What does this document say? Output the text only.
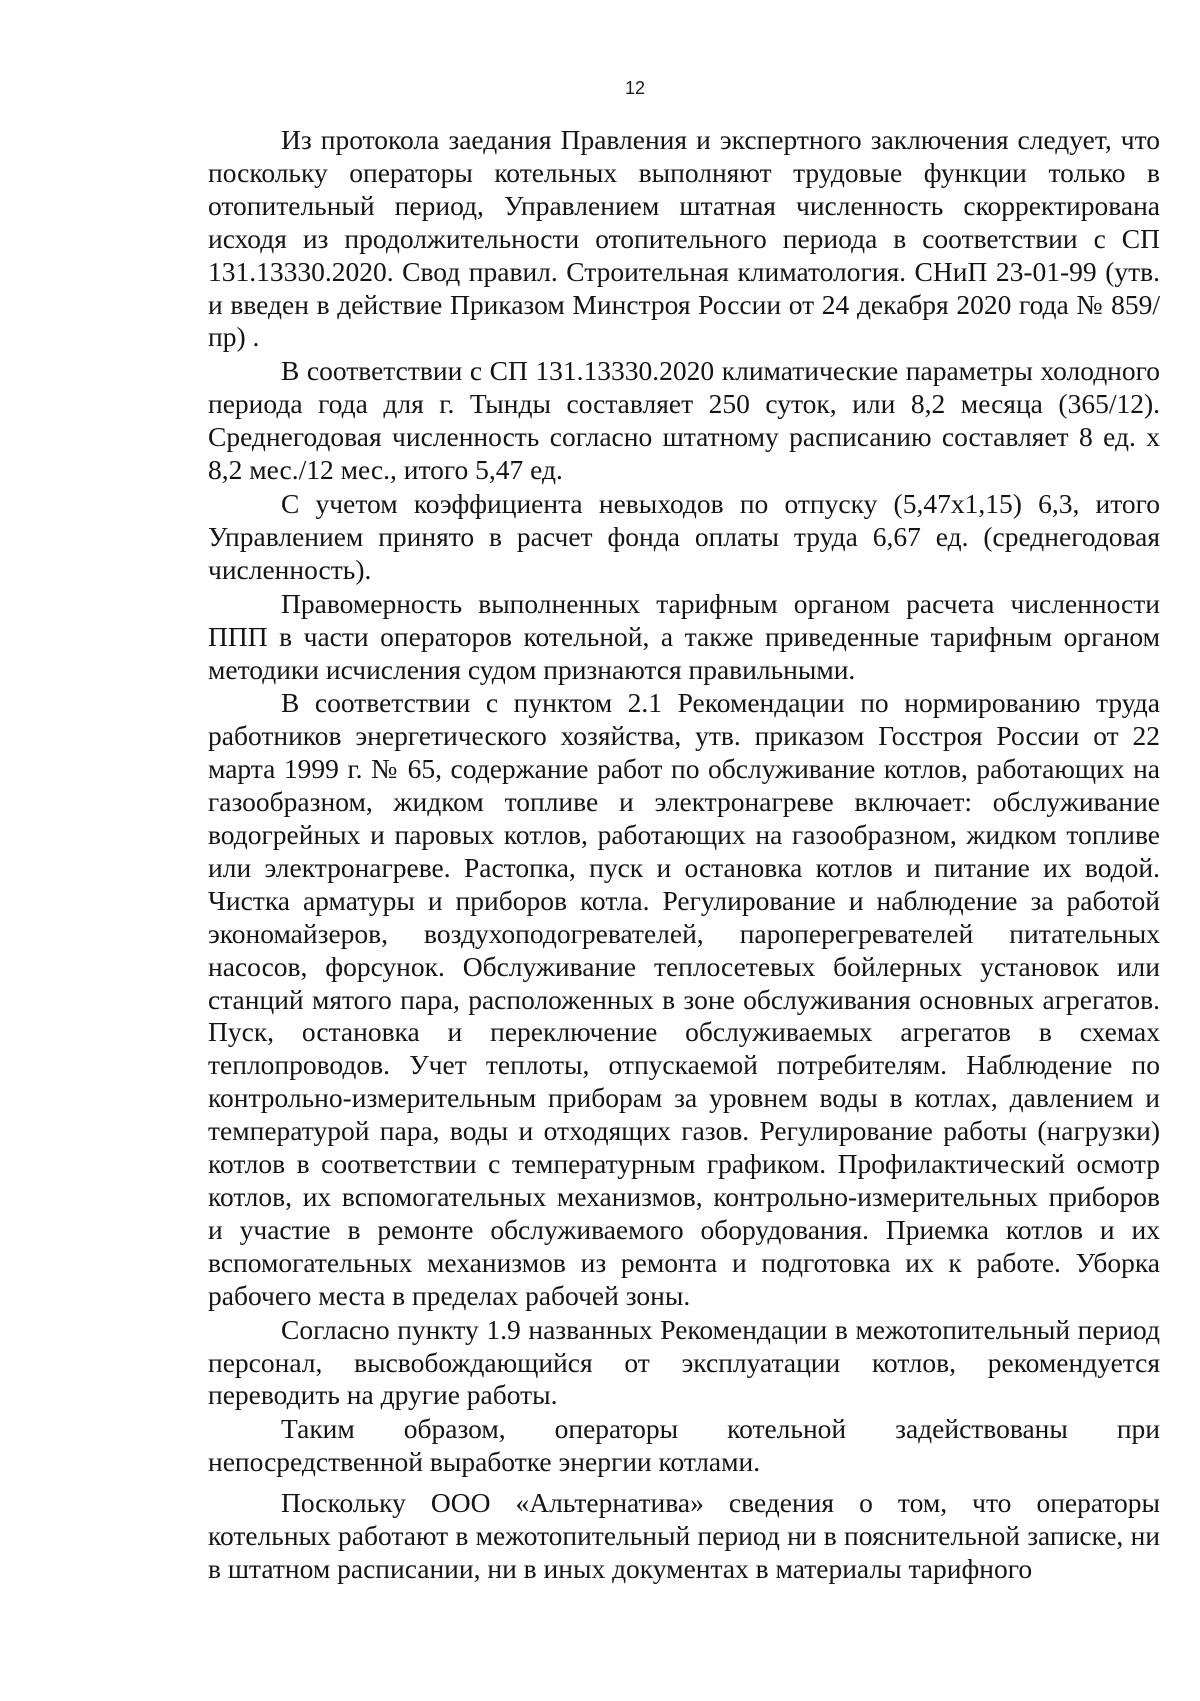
12

Из протокола заедания Правления и экспертного заключения следует, что поскольку операторы котельных выполняют трудовые функции только в отопительный период, Управлением штатная численность скорректирована исходя из продолжительности отопительного периода в соответствии с СП 131.13330.2020. Свод правил. Строительная климатология. СНиП 23-01-99 (утв. и введен в действие Приказом Минстроя России от 24 декабря 2020 года № 859/пр) .

В соответствии с СП 131.13330.2020 климатические параметры холодного периода года для г. Тынды составляет 250 суток, или 8,2 месяца (365/12). Среднегодовая численность согласно штатному расписанию составляет 8 ед. х 8,2 мес./12 мес., итого 5,47 ед.

С учетом коэффициента невыходов по отпуску (5,47х1,15) 6,3, итого Управлением принято в расчет фонда оплаты труда 6,67 ед. (среднегодовая численность).

Правомерность выполненных тарифным органом расчета численности ППП в части операторов котельной, а также приведенные тарифным органом методики исчисления судом признаются правильными.

В соответствии с пунктом 2.1 Рекомендации по нормированию труда работников энергетического хозяйства, утв. приказом Госстроя России от 22 марта 1999 г. № 65, содержание работ по обслуживание котлов, работающих на газообразном, жидком топливе и электронагреве включает: обслуживание водогрейных и паровых котлов, работающих на газообразном, жидком топливе или электронагреве. Растопка, пуск и остановка котлов и питание их водой. Чистка арматуры и приборов котла. Регулирование и наблюдение за работой экономайзеров, воздухоподогревателей, пароперегревателей питательных насосов, форсунок. Обслуживание теплосетевых бойлерных установок или станций мятого пара, расположенных в зоне обслуживания основных агрегатов. Пуск, остановка и переключение обслуживаемых агрегатов в схемах теплопроводов. Учет теплоты, отпускаемой потребителям. Наблюдение по контрольно-измерительным приборам за уровнем воды в котлах, давлением и температурой пара, воды и отходящих газов. Регулирование работы (нагрузки) котлов в соответствии с температурным графиком. Профилактический осмотр котлов, их вспомогательных механизмов, контрольно-измерительных приборов и участие в ремонте обслуживаемого оборудования. Приемка котлов и их вспомогательных механизмов из ремонта и подготовка их к работе. Уборка рабочего места в пределах рабочей зоны.

Согласно пункту 1.9 названных Рекомендации в межотопительный период персонал, высвобождающийся от эксплуатации котлов, рекомендуется переводить на другие работы.

Таким образом, операторы котельной задействованы при непосредственной выработке энергии котлами.

Поскольку ООО «Альтернатива» сведения о том, что операторы котельных работают в межотопительный период ни в пояснительной записке, ни в штатном расписании, ни в иных документах в материалы тарифного
